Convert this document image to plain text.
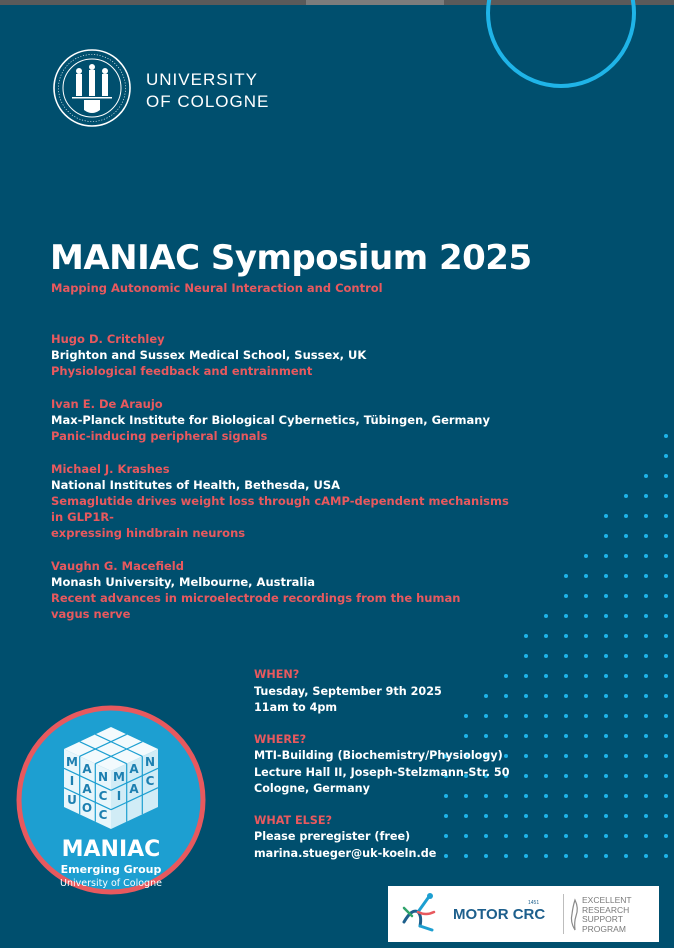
UNIVERSITY
OF COLOGNE
MANIAC Symposium 2025
Mapping Autonomic Neural Interaction and Control
Hugo D. Critchley
Brighton and Sussex Medical School, Sussex, UK
Physiological feedback and entrainment
Ivan E. De Araujo
Max-Planck Institute for Biological Cybernetics, Tübingen, Germany
Panic-inducing peripheral signals
Michael J. Krashes
National Institutes of Health, Bethesda, USA
Semaglutide drives weight loss through cAMP-dependent mechanisms in GLP1R-
expressing hindbrain neurons
Vaughn G. Macefield
Monash University, Melbourne, Australia
Recent advances in microelectrode recordings from the human
vagus nerve
WHEN?
Tuesday, September 9th 2025
11am to 4pm
WHERE?
MTI-Building (Biochemistry/Physiology)
Lecture Hall II, Joseph-Stelzmann-Str. 50
Cologne, Germany
WHAT ELSE?
Please preregister (free)
marina.stueger@uk-koeln.de
M A
N
I
A C
U
O C
M
A N
I A
C
MANIAC
Emerging Group
University of Cologne
MOTOR CRC
1451	EXCELLENT
RESEARCH
SUPPORT
PROGRAM
